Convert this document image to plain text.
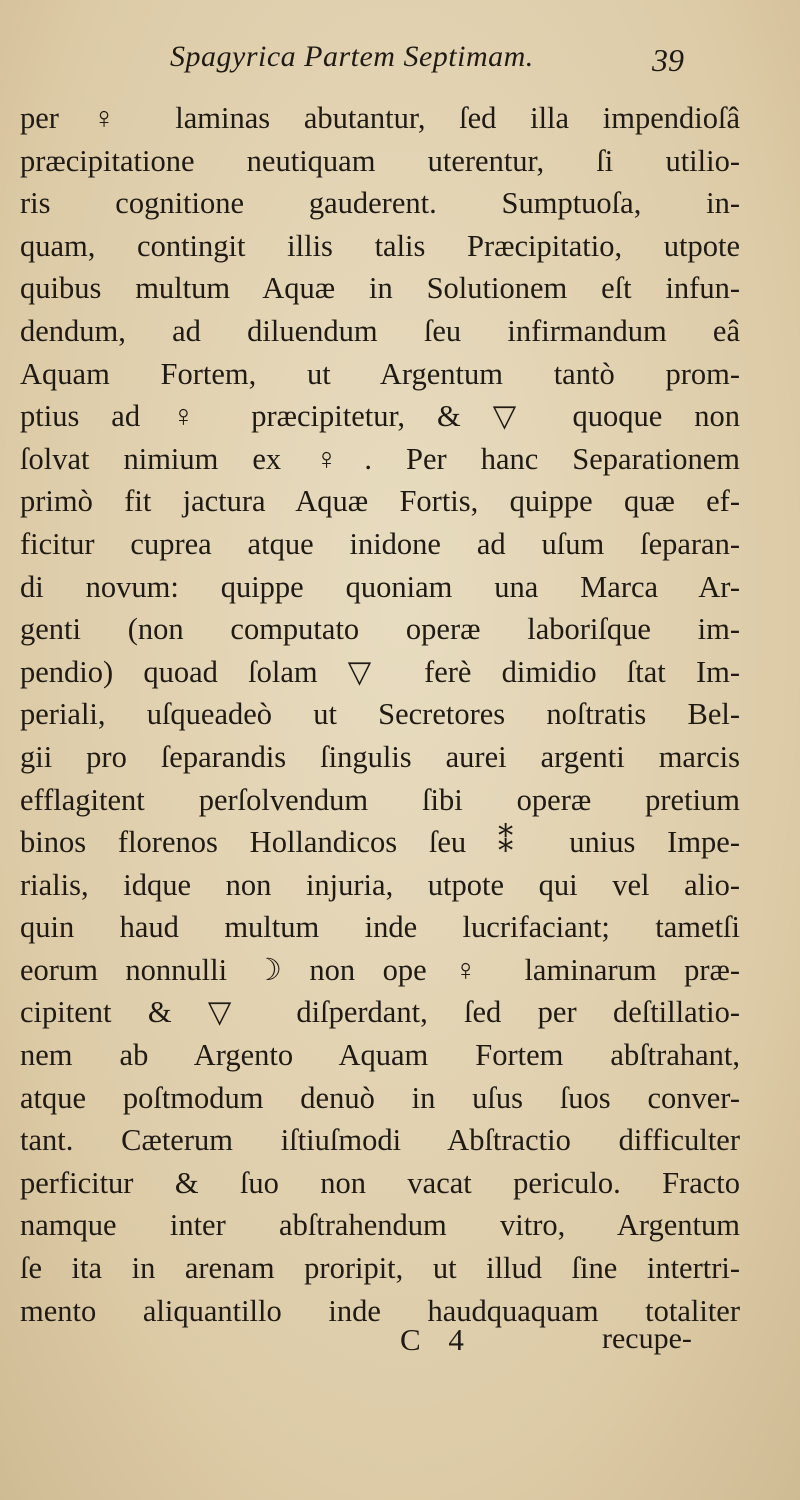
Spagyrica Partem Septimam.	39
per ♀ laminas abutantur, ſed illa impendioſâ
præcipitatione neutiquam uterentur, ſi utilio-
ris cognitione gauderent. Sumptuoſa, in-
quam, contingit illis talis Præcipitatio, utpote
quibus multum Aquæ in Solutionem eſt infun-
dendum, ad diluendum ſeu infirmandum eâ
Aquam Fortem, ut Argentum tantò prom-
ptius ad ♀ præcipitetur, & ▽ quoque non
ſolvat nimium ex ♀. Per hanc Separationem
primò fit jactura Aquæ Fortis, quippe quæ ef-
ficitur cuprea atque inidone ad uſum ſeparan-
di novum: quippe quoniam una Marca Ar-
genti (non computato operæ laboriſque im-
pendio) quoad ſolam ▽ ferè dimidio ſtat Im-
periali, uſqueadeò ut Secretores noſtratis Bel-
gii pro ſeparandis ſingulis aurei argenti marcis
efflagitent perſolvendum ſibi operæ pretium
binos florenos Hollandicos ſeu ⁑ unius Impe-
rialis, idque non injuria, utpote qui vel alio-
quin haud multum inde lucrifaciant; tametſi
eorum nonnulli ☽ non ope ♀ laminarum præ-
cipitent & ▽ diſperdant, ſed per deſtillatio-
nem ab Argento Aquam Fortem abſtrahant,
atque poſtmodum denuò in uſus ſuos conver-
tant. Cæterum iſtiuſmodi Abſtractio difficulter
perficitur & ſuo non vacat periculo. Fracto
namque inter abſtrahendum vitro, Argentum
ſe ita in arenam proripit, ut illud ſine intertri-
mento aliquantillo inde haudquaquam totaliter
C 4	recupe-
